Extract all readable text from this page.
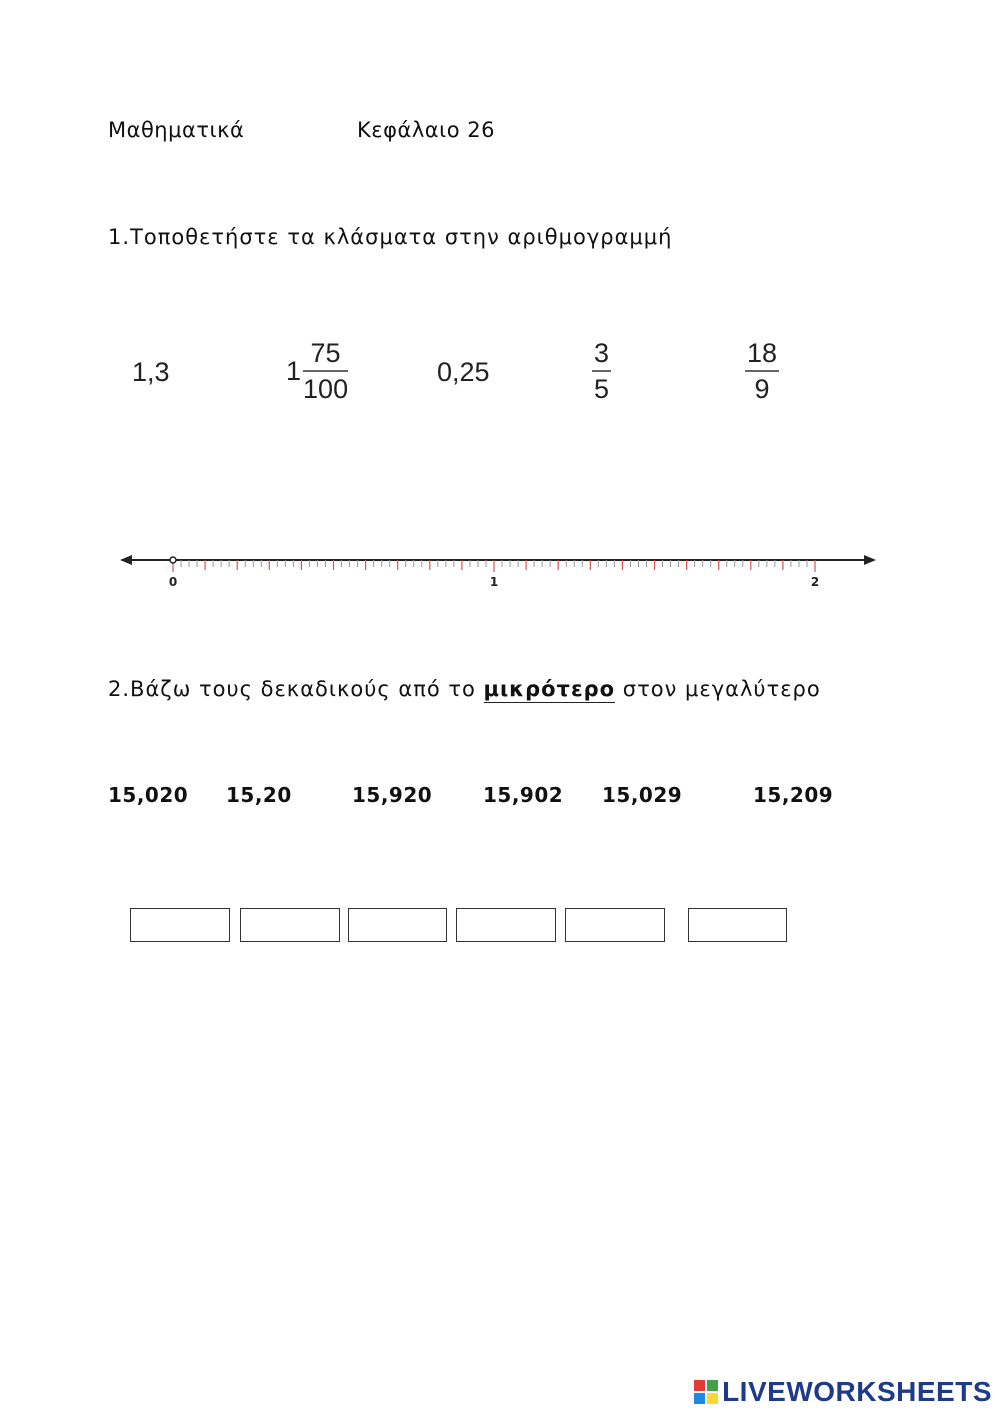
Μαθηματικά	Κεφάλαιο 26
1.Τοποθετήστε τα κλάσματα στην αριθμογραμμή
1,3	$1 \frac{75}{100}$	0,25	$\frac{3}{5}$	$\frac{18}{9}$
0	1	2
2.Βάζω τους δεκαδικούς από το μικρότερο στον μεγαλύτερο
15,020 15,20	15,920	15,902 15,029	15,209
LIVEWORKSHEETS
